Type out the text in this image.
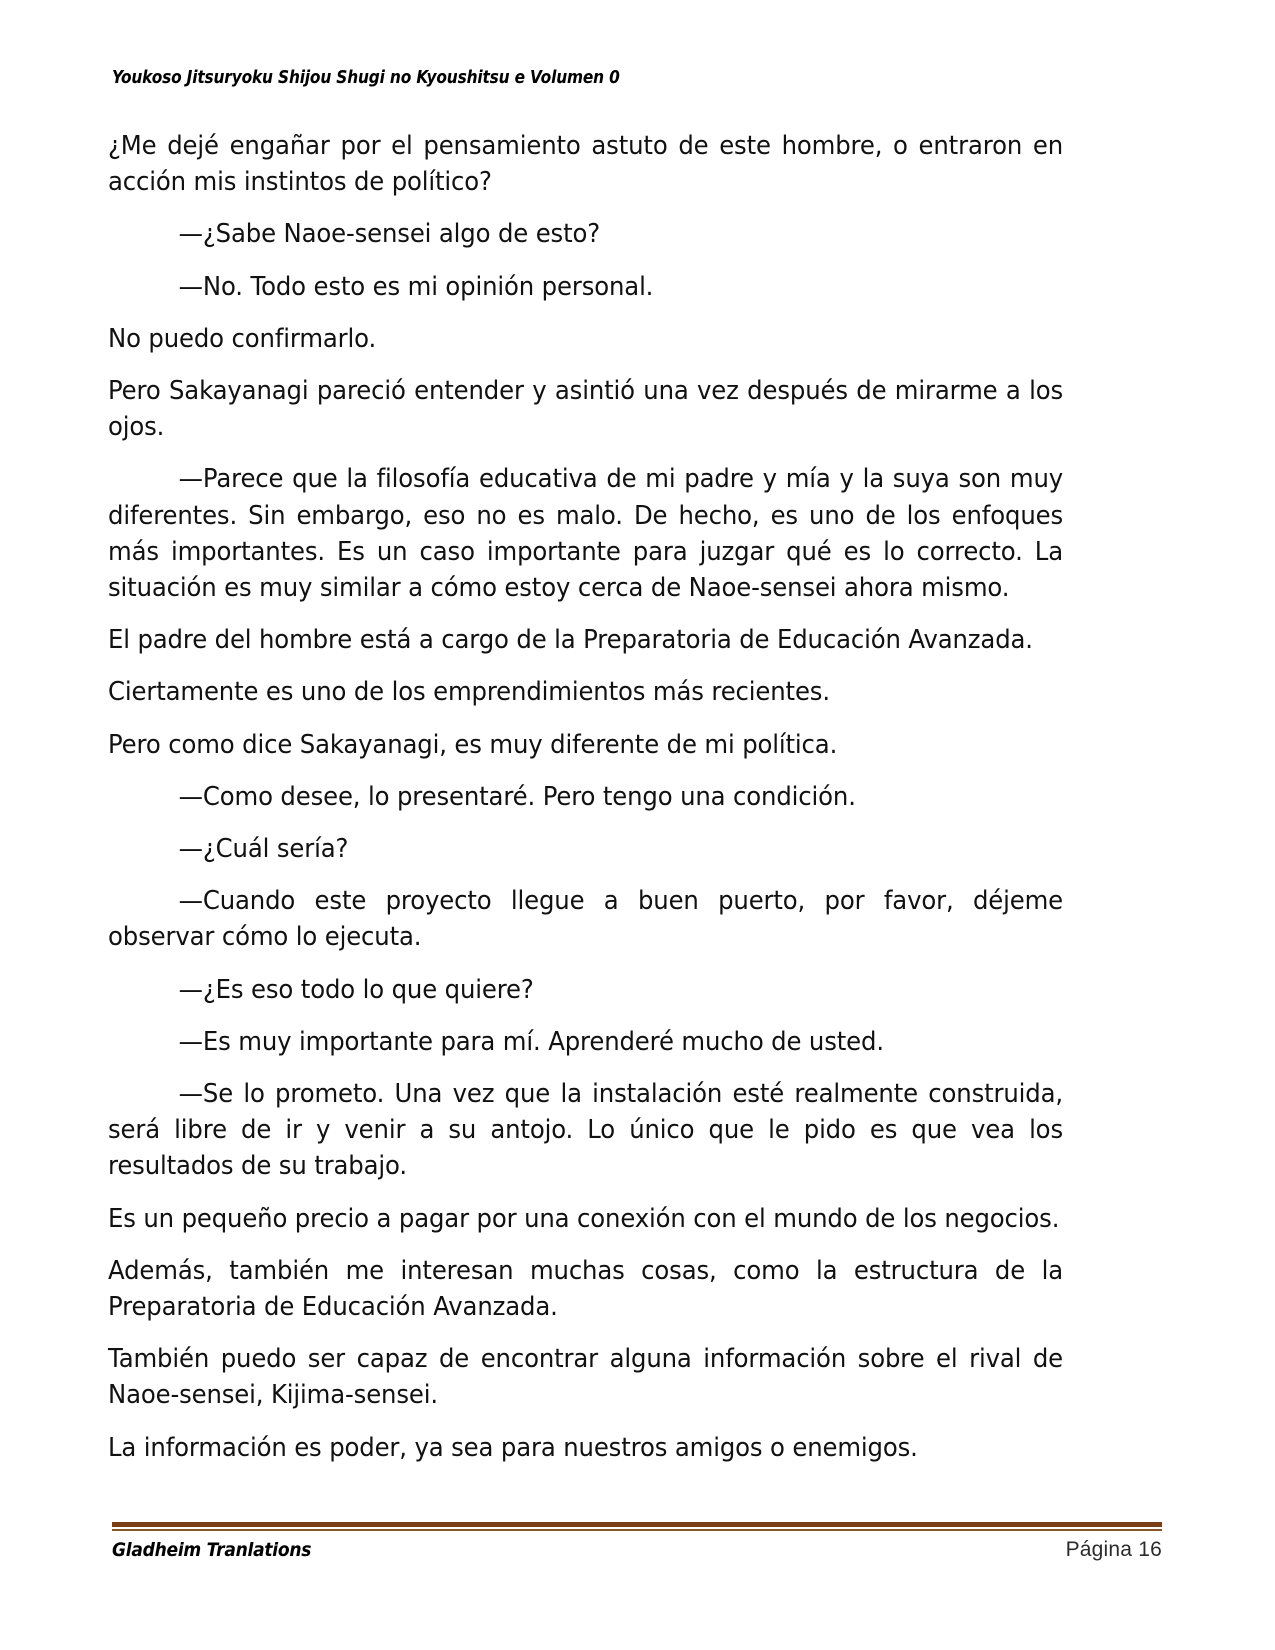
Youkoso Jitsuryoku Shijou Shugi no Kyoushitsu e Volumen 0

¿Me dejé engañar por el pensamiento astuto de este hombre, o entraron en acción mis instintos de político?

—¿Sabe Naoe-sensei algo de esto?

—No. Todo esto es mi opinión personal.

No puedo confirmarlo.

Pero Sakayanagi pareció entender y asintió una vez después de mirarme a los ojos.

—Parece que la filosofía educativa de mi padre y mía y la suya son muy diferentes. Sin embargo, eso no es malo. De hecho, es uno de los enfoques más importantes. Es un caso importante para juzgar qué es lo correcto. La situación es muy similar a cómo estoy cerca de Naoe-sensei ahora mismo.

El padre del hombre está a cargo de la Preparatoria de Educación Avanzada.

Ciertamente es uno de los emprendimientos más recientes.

Pero como dice Sakayanagi, es muy diferente de mi política.

—Como desee, lo presentaré. Pero tengo una condición.

—¿Cuál sería?

—Cuando este proyecto llegue a buen puerto, por favor, déjeme observar cómo lo ejecuta.

—¿Es eso todo lo que quiere?

—Es muy importante para mí. Aprenderé mucho de usted.

—Se lo prometo. Una vez que la instalación esté realmente construida, será libre de ir y venir a su antojo. Lo único que le pido es que vea los resultados de su trabajo.

Es un pequeño precio a pagar por una conexión con el mundo de los negocios.

Además, también me interesan muchas cosas, como la estructura de la Preparatoria de Educación Avanzada.

También puedo ser capaz de encontrar alguna información sobre el rival de Naoe-sensei, Kijima-sensei.

La información es poder, ya sea para nuestros amigos o enemigos.

Gladheim Tranlations	Página 16
